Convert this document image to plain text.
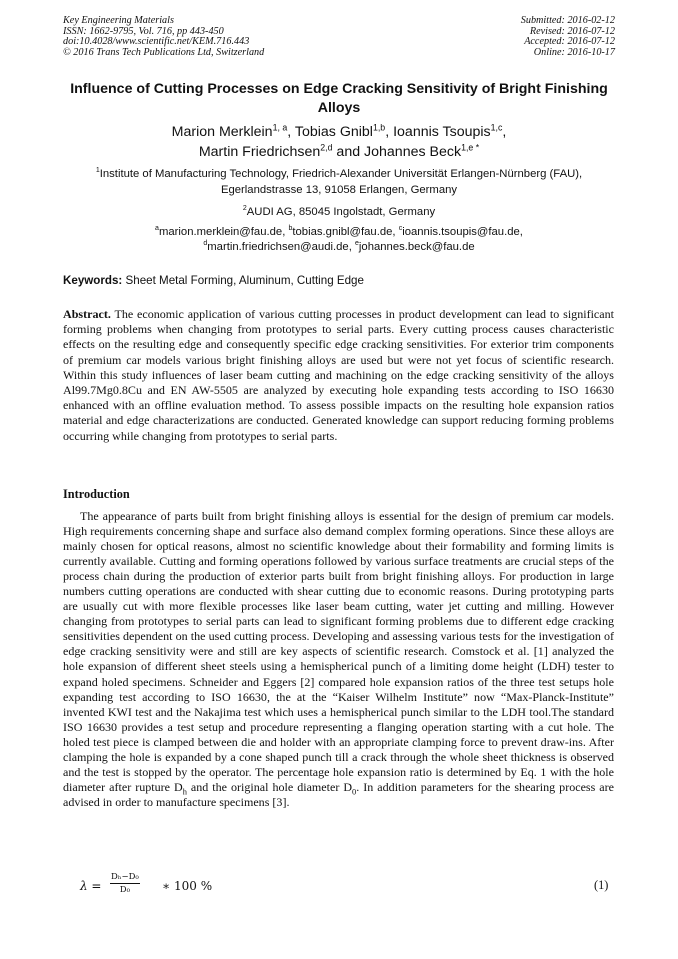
Key Engineering Materials
ISSN: 1662-9795, Vol. 716, pp 443-450
doi:10.4028/www.scientific.net/KEM.716.443
© 2016 Trans Tech Publications Ltd, Switzerland
Submitted: 2016-02-12
Revised: 2016-07-12
Accepted: 2016-07-12
Online: 2016-10-17
Influence of Cutting Processes on Edge Cracking Sensitivity of Bright Finishing Alloys
Marion Merklein$^{1, a}$, Tobias Gnibl$^{1,b}$, Ioannis Tsoupis$^{1,c}$,
Martin Friedrichsen$^{2,d}$ and Johannes Beck$^{1,e *}$
$^1$Institute of Manufacturing Technology, Friedrich-Alexander Universität Erlangen-Nürnberg (FAU),
Egerlandstrasse 13, 91058 Erlangen, Germany
$^2$AUDI AG, 85045 Ingolstadt, Germany
$^a$marion.merklein@fau.de, $^b$tobias.gnibl@fau.de, $^c$ioannis.tsoupis@fau.de,
$^d$martin.friedrichsen@audi.de, $^e$johannes.beck@fau.de
Keywords: Sheet Metal Forming, Aluminum, Cutting Edge

Abstract. The economic application of various cutting processes in product development can lead to significant forming problems when changing from prototypes to serial parts. Every cutting process causes characteristic effects on the resulting edge and consequently specific edge cracking sensitivities. For exterior trim components of premium car models various bright finishing alloys are used but were not yet focus of scientific research. Within this study influences of laser beam cutting and machining on the edge cracking sensitivity of the alloys Al99.7Mg0.8Cu and EN AW-5505 are analyzed by executing hole expanding tests according to ISO 16630 enhanced with an offline evaluation method. To assess possible impacts on the resulting hole expansion ratios material and edge characterizations are conducted. Generated knowledge can support reducing forming problems occurring while changing from prototypes to serial parts.

Introduction

The appearance of parts built from bright finishing alloys is essential for the design of premium car models. High requirements concerning shape and surface also demand complex forming operations. Since these alloys are mainly chosen for optical reasons, almost no scientific knowledge about their formability and forming limits is currently available. Cutting and forming operations followed by various surface treatments are crucial steps of the process chain during the production of exterior parts built from bright finishing alloys. For production in large numbers cutting operations are conducted with shear cutting due to economic reasons. During prototyping parts are usually cut with more flexible processes like laser beam cutting, water jet cutting and milling. However changing from prototypes to serial parts can lead to significant forming problems due to different edge cracking sensitivities dependent on the used cutting process. Developing and assessing various tests for the investigation of edge cracking sensitivity were and still are key aspects of scientific research. Comstock et al. [1] analyzed the hole expansion of different sheet steels using a hemispherical punch of a limiting dome height (LDH) tester to expand holed specimens. Schneider and Eggers [2] compared hole expansion ratios of the three test setups hole expanding test according to ISO 16630, the at the “Kaiser Wilhelm Institute” now “Max-Planck-Institute” invented KWI test and the Nakajima test which uses a hemispherical punch similar to the LDH tool.The standard ISO 16630 provides a test setup and procedure representing a flanging operation starting with a cut hole. The holed test piece is clamped between die and holder with an appropriate clamping force to prevent draw-ins. After clamping the hole is expanded by a cone shaped punch till a crack through the whole sheet thickness is observed and the test is stopped by the operator. The percentage hole expansion ratio is determined by Eq. 1 with the hole diameter after rupture $D_h$ and the original hole diameter $D_0$. In addition parameters for the shearing process are advised in order to manufacture specimens [3].

$\lambda = \frac{\text{Dₕ−D₀}}{\text{D₀}}$ ∗ 100 %	(1)
